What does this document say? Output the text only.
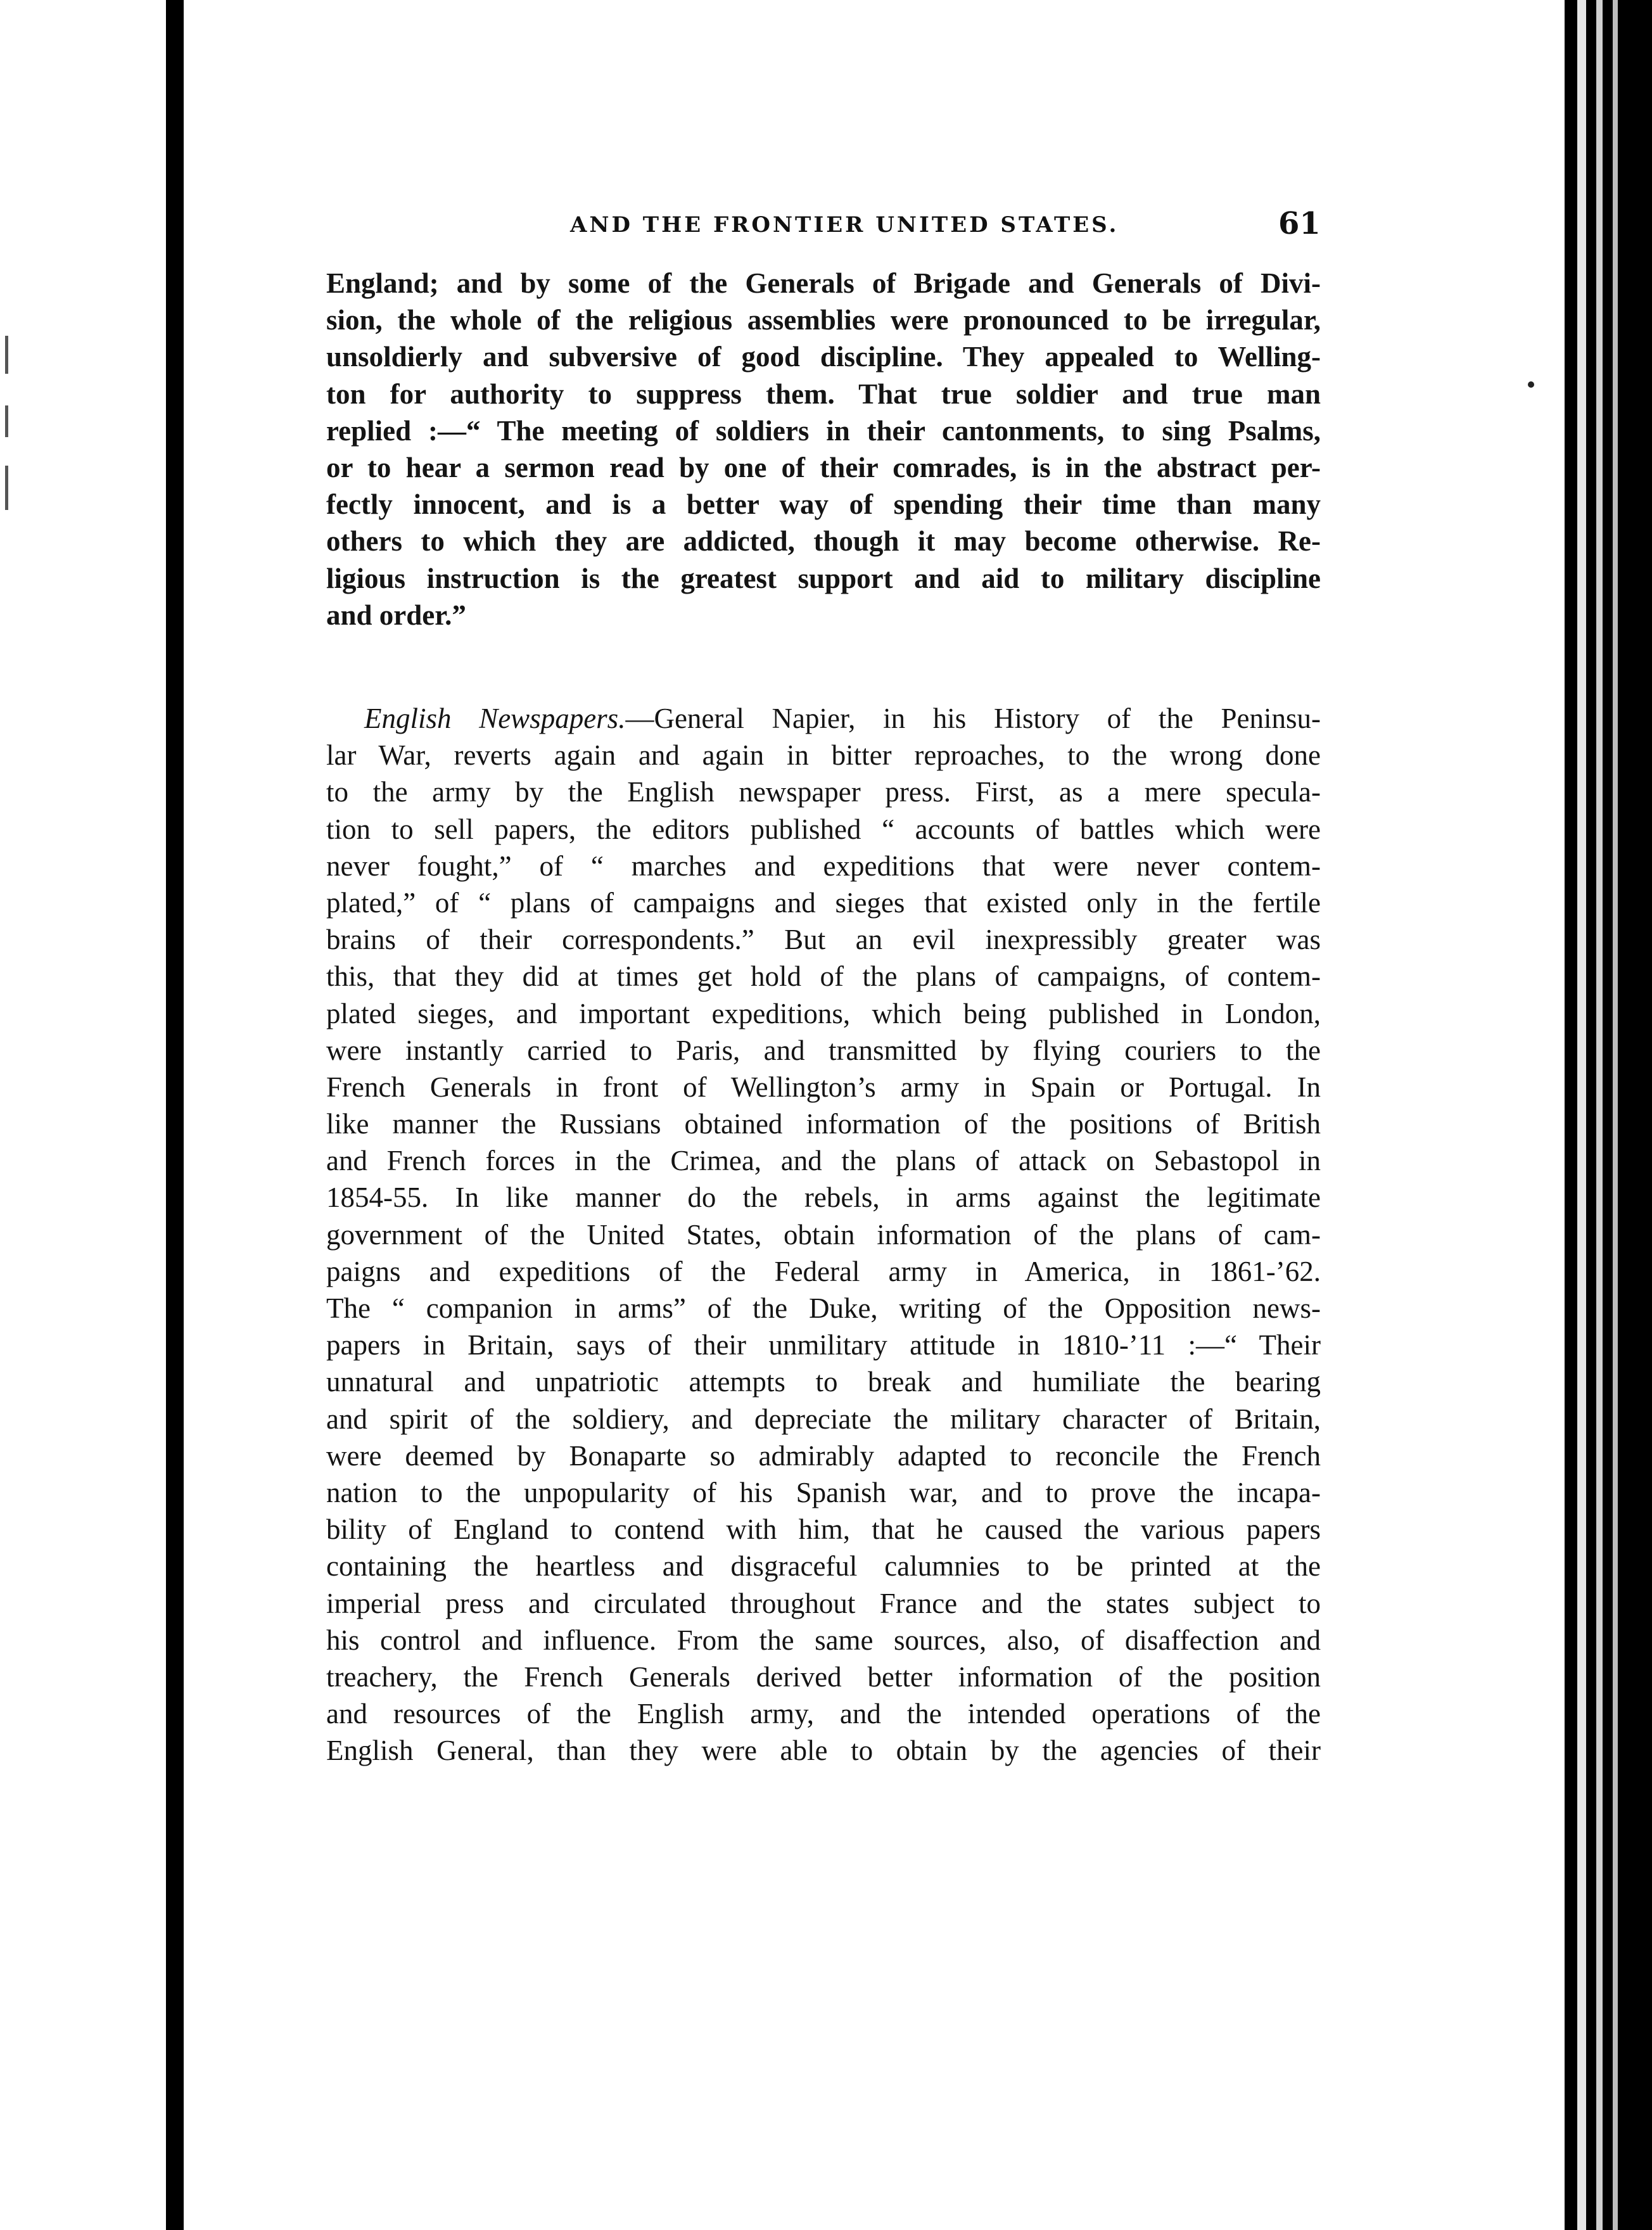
AND THE FRONTIER UNITED STATES.	61
England; and by some of the Generals of Brigade and Generals of Divi-
sion, the whole of the religious assemblies were pronounced to be irregular,
unsoldierly and subversive of good discipline. They appealed to Welling-
ton for authority to suppress them. That true soldier and true man
replied :—“ The meeting of soldiers in their cantonments, to sing Psalms,
or to hear a sermon read by one of their comrades, is in the abstract per-
fectly innocent, and is a better way of spending their time than many
others to which they are addicted, though it may become otherwise. Re-
ligious instruction is the greatest support and aid to military discipline
and order.”
English Newspapers.—General Napier, in his History of the Peninsu-
lar War, reverts again and again in bitter reproaches, to the wrong done
to the army by the English newspaper press. First, as a mere specula-
tion to sell papers, the editors published “ accounts of battles which were
never fought,” of “ marches and expeditions that were never contem-
plated,” of “ plans of campaigns and sieges that existed only in the fertile
brains of their correspondents.” But an evil inexpressibly greater was
this, that they did at times get hold of the plans of campaigns, of contem-
plated sieges, and important expeditions, which being published in London,
were instantly carried to Paris, and transmitted by flying couriers to the
French Generals in front of Wellington’s army in Spain or Portugal. In
like manner the Russians obtained information of the positions of British
and French forces in the Crimea, and the plans of attack on Sebastopol in
1854-55. In like manner do the rebels, in arms against the legitimate
government of the United States, obtain information of the plans of cam-
paigns and expeditions of the Federal army in America, in 1861-’62.
The “ companion in arms” of the Duke, writing of the Opposition news-
papers in Britain, says of their unmilitary attitude in 1810-’11 :—“ Their
unnatural and unpatriotic attempts to break and humiliate the bearing
and spirit of the soldiery, and depreciate the military character of Britain,
were deemed by Bonaparte so admirably adapted to reconcile the French
nation to the unpopularity of his Spanish war, and to prove the incapa-
bility of England to contend with him, that he caused the various papers
containing the heartless and disgraceful calumnies to be printed at the
imperial press and circulated throughout France and the states subject to
his control and influence. From the same sources, also, of disaffection and
treachery, the French Generals derived better information of the position
and resources of the English army, and the intended operations of the
English General, than they were able to obtain by the agencies of their
